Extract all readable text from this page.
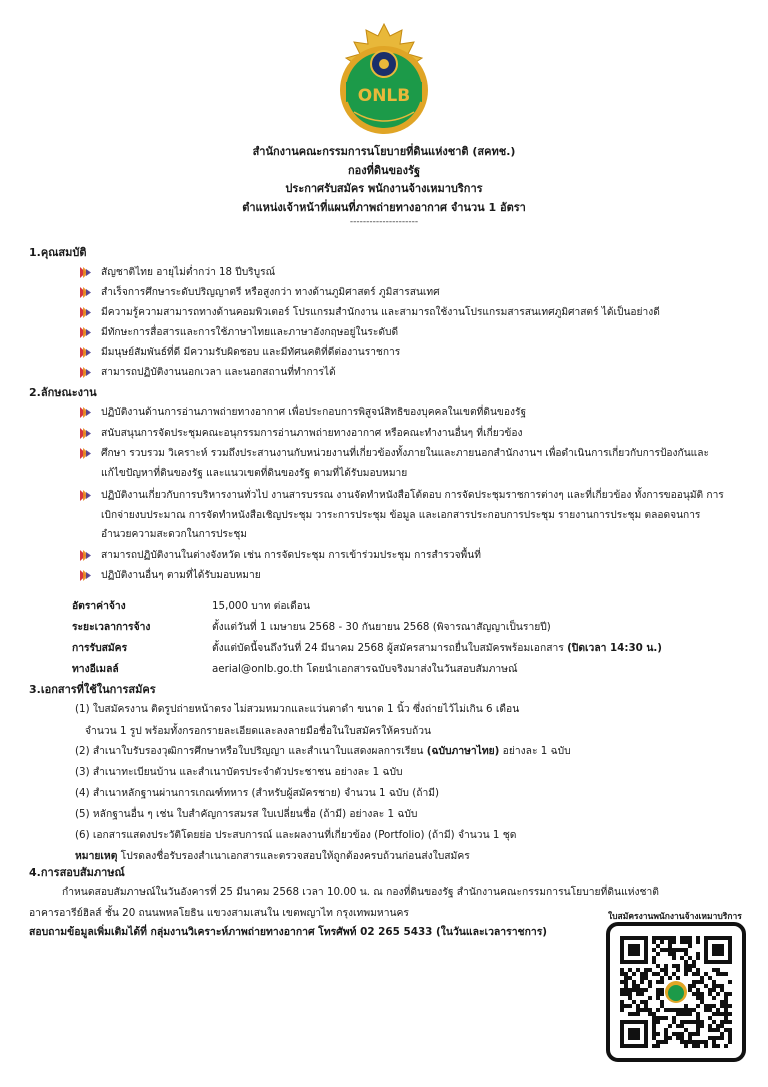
ONLB
สำนักงานคณะกรรมการนโยบายที่ดินแห่งชาติ (สคทช.)
กองที่ดินของรัฐ
ประกาศรับสมัคร พนักงานจ้างเหมาบริการ
ตำแหน่งเจ้าหน้าที่แผนที่ภาพถ่ายทางอากาศ จำนวน 1 อัตรา
---------------------
1.คุณสมบัติ
สัญชาติไทย อายุไม่ต่ำกว่า 18 ปีบริบูรณ์
สำเร็จการศึกษาระดับปริญญาตรี หรือสูงกว่า ทางด้านภูมิศาสตร์ ภูมิสารสนเทศ
มีความรู้ความสามารถทางด้านคอมพิวเตอร์ โปรแกรมสำนักงาน และสามารถใช้งานโปรแกรมสารสนเทศภูมิศาสตร์ ได้เป็นอย่างดี
มีทักษะการสื่อสารและการใช้ภาษาไทยและภาษาอังกฤษอยู่ในระดับดี
มีมนุษย์สัมพันธ์ที่ดี มีความรับผิดชอบ และมีทัศนคติที่ดีต่องานราชการ
สามารถปฏิบัติงานนอกเวลา และนอกสถานที่ทำการได้
2.ลักษณะงาน
ปฏิบัติงานด้านการอ่านภาพถ่ายทางอากาศ เพื่อประกอบการพิสูจน์สิทธิของบุคคลในเขตที่ดินของรัฐ
สนับสนุนการจัดประชุมคณะอนุกรรมการอ่านภาพถ่ายทางอากาศ หรือคณะทำงานอื่นๆ ที่เกี่ยวข้อง
ศึกษา รวบรวม วิเคราะห์ รวมถึงประสานงานกับหน่วยงานที่เกี่ยวข้องทั้งภายในและภายนอกสำนักงานฯ เพื่อดำเนินการเกี่ยวกับการป้องกันและแก้ไขปัญหาที่ดินของรัฐ และแนวเขตที่ดินของรัฐ ตามที่ได้รับมอบหมาย
ปฏิบัติงานเกี่ยวกับการบริหารงานทั่วไป งานสารบรรณ งานจัดทำหนังสือโต้ตอบ การจัดประชุมราชการต่างๆ และที่เกี่ยวข้อง ทั้งการขออนุมัติ การเบิกจ่ายงบประมาณ การจัดทำหนังสือเชิญประชุม วาระการประชุม ข้อมูล และเอกสารประกอบการประชุม รายงานการประชุม ตลอดจนการอำนวยความสะดวกในการประชุม
สามารถปฏิบัติงานในต่างจังหวัด เช่น การจัดประชุม การเข้าร่วมประชุม การสำรวจพื้นที่
ปฏิบัติงานอื่นๆ ตามที่ได้รับมอบหมาย
อัตราค่าจ้าง	15,000 บาท ต่อเดือน
ระยะเวลาการจ้าง	ตั้งแต่วันที่ 1 เมษายน 2568 - 30 กันยายน 2568 (พิจารณาสัญญาเป็นรายปี)
การรับสมัคร	ตั้งแต่บัดนี้จนถึงวันที่ 24 มีนาคม 2568 ผู้สมัครสามารถยื่นใบสมัครพร้อมเอกสาร (ปิดเวลา 14:30 น.)
ทางอีเมลล์	aerial@onlb.go.th โดยนำเอกสารฉบับจริงมาส่งในวันสอบสัมภาษณ์
3.เอกสารที่ใช้ในการสมัคร
(1) ใบสมัครงาน ติดรูปถ่ายหน้าตรง ไม่สวมหมวกและแว่นตาดำ ขนาด 1 นิ้ว ซึ่งถ่ายไว้ไม่เกิน 6 เดือน
จำนวน 1 รูป พร้อมทั้งกรอกรายละเอียดและลงลายมือชื่อในใบสมัครให้ครบถ้วน
(2) สำเนาใบรับรองวุฒิการศึกษาหรือใบปริญญา และสำเนาใบแสดงผลการเรียน (ฉบับภาษาไทย) อย่างละ 1 ฉบับ
(3) สำเนาทะเบียนบ้าน และสำเนาบัตรประจำตัวประชาชน อย่างละ 1 ฉบับ
(4) สำเนาหลักฐานผ่านการเกณฑ์ทหาร (สำหรับผู้สมัครชาย) จำนวน 1 ฉบับ (ถ้ามี)
(5) หลักฐานอื่น ๆ เช่น ใบสำคัญการสมรส ใบเปลี่ยนชื่อ (ถ้ามี) อย่างละ 1 ฉบับ
(6) เอกสารแสดงประวัติโดยย่อ ประสบการณ์ และผลงานที่เกี่ยวข้อง (Portfolio) (ถ้ามี) จำนวน 1 ชุด
หมายเหตุ โปรดลงชื่อรับรองสำเนาเอกสารและตรวจสอบให้ถูกต้องครบถ้วนก่อนส่งใบสมัคร
4.การสอบสัมภาษณ์
กำหนดสอบสัมภาษณ์ในวันอังคารที่ 25 มีนาคม 2568 เวลา 10.00 น. ณ กองที่ดินของรัฐ สำนักงานคณะกรรมการนโยบายที่ดินแห่งชาติ
อาคารอารีย์ฮิลส์ ชั้น 20 ถนนพหลโยธิน แขวงสามเสนใน เขตพญาไท กรุงเทพมหานคร
สอบถามข้อมูลเพิ่มเติมได้ที่ กลุ่มงานวิเคราะห์ภาพถ่ายทางอากาศ โทรศัพท์ 02 265 5433 (ในวันและเวลาราชการ)
ใบสมัครงานพนักงานจ้างเหมาบริการ
